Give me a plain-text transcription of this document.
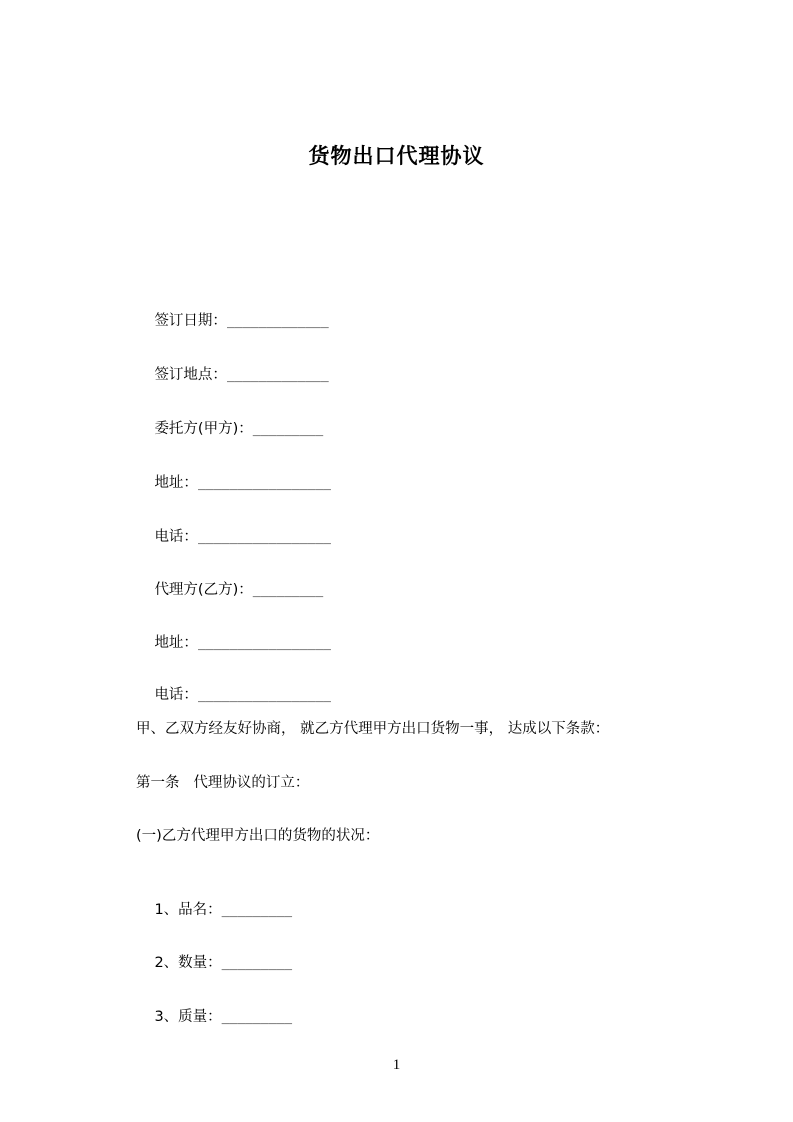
货物出口代理协议

签订日期：_____________

签订地点：_____________

委托方(甲方)：_________

地址：_________________

电话：_________________

代理方(乙方)：_________

地址：_________________

电话：_________________

甲、乙双方经友好协商， 就乙方代理甲方出口货物一事， 达成以下条款：
第一条   代理协议的订立：
(一)乙方代理甲方出口的货物的状况：

1、品名：_________

2、数量：_________

3、质量：_________

1
